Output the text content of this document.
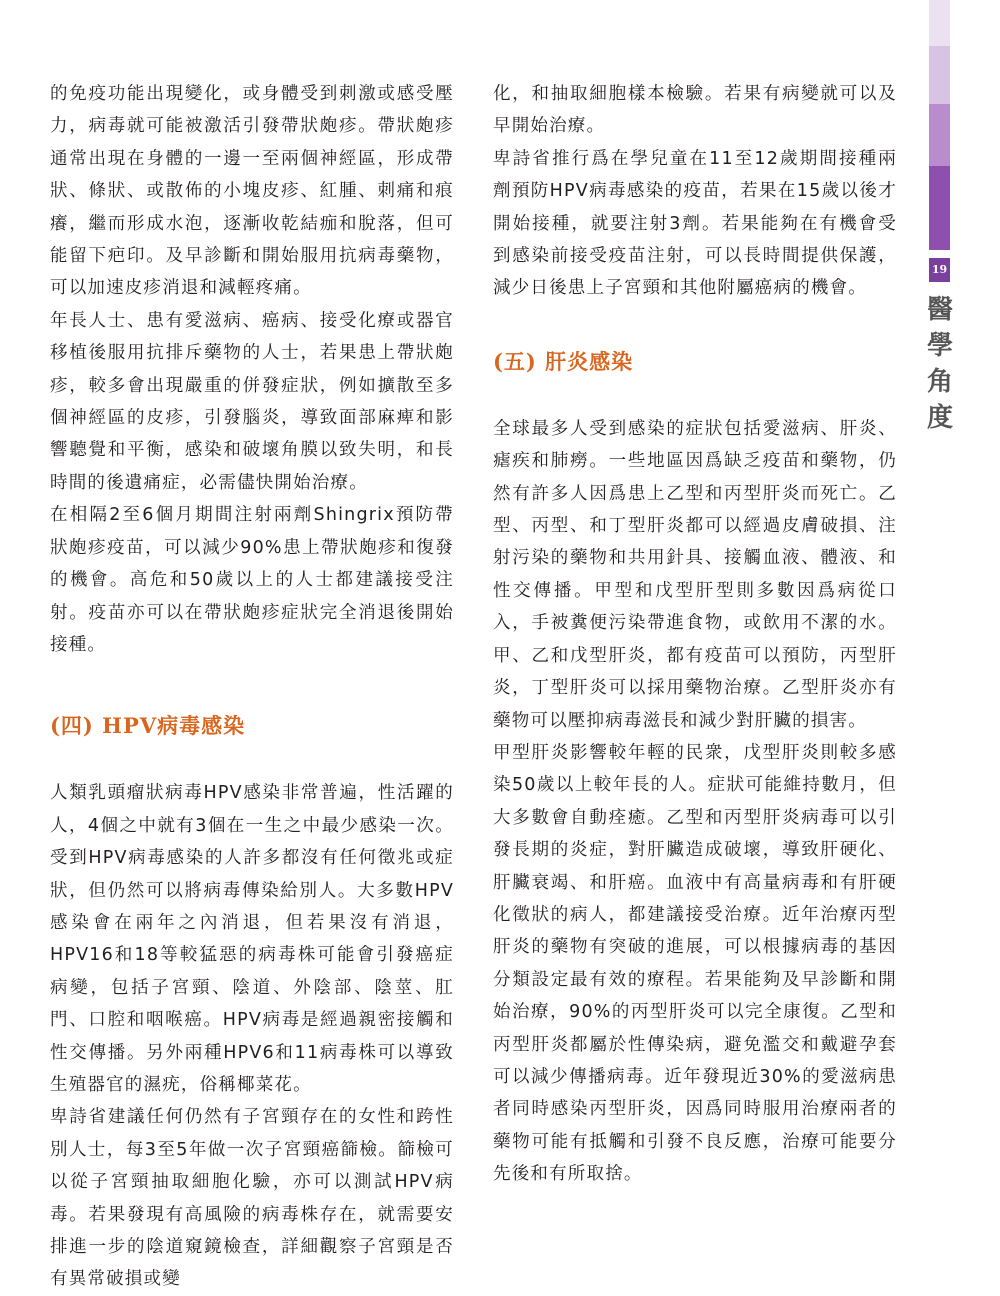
19
醫學角度

的免疫功能出現變化，或身體受到刺激或感受壓力，病毒就可能被激活引發帶狀皰疹。帶狀皰疹通常出現在身體的一邊一至兩個神經區，形成帶狀、條狀、或散佈的小塊皮疹、紅腫、刺痛和痕癢，繼而形成水泡，逐漸收乾結痂和脫落，但可能留下疤印。及早診斷和開始服用抗病毒藥物，可以加速皮疹消退和減輕疼痛。

年長人士、患有愛滋病、癌病、接受化療或器官移植後服用抗排斥藥物的人士，若果患上帶狀皰疹，較多會出現嚴重的併發症狀，例如擴散至多個神經區的皮疹，引發腦炎，導致面部麻痺和影響聽覺和平衡，感染和破壞角膜以致失明，和長時間的後遺痛症，必需儘快開始治療。

在相隔2至6個月期間注射兩劑Shingrix預防帶狀皰疹疫苗，可以減少90%患上帶狀皰疹和復發的機會。高危和50歲以上的人士都建議接受注射。疫苗亦可以在帶狀皰疹症狀完全消退後開始接種。

(四) HPV病毒感染

人類乳頭瘤狀病毒HPV感染非常普遍，性活躍的人，4個之中就有3個在一生之中最少感染一次。受到HPV病毒感染的人許多都沒有任何徵兆或症狀，但仍然可以將病毒傳染給別人。大多數HPV感染會在兩年之內消退，但若果沒有消退，HPV16和18等較猛惡的病毒株可能會引發癌症病變，包括子宮頸、陰道、外陰部、陰莖、肛門、口腔和咽喉癌。HPV病毒是經過親密接觸和性交傳播。另外兩種HPV6和11病毒株可以導致生殖器官的濕疣，俗稱椰菜花。

卑詩省建議任何仍然有子宮頸存在的女性和跨性別人士，每3至5年做一次子宮頸癌篩檢。篩檢可以從子宮頸抽取細胞化驗，亦可以測試HPV病毒。若果發現有高風險的病毒株存在，就需要安排進一步的陰道窺鏡檢查，詳細觀察子宮頸是否有異常破損或變

化，和抽取細胞樣本檢驗。若果有病變就可以及早開始治療。

卑詩省推行爲在學兒童在11至12歲期間接種兩劑預防HPV病毒感染的疫苗，若果在15歲以後才開始接種，就要注射3劑。若果能夠在有機會受到感染前接受疫苗注射，可以長時間提供保護，減少日後患上子宮頸和其他附屬癌病的機會。

(五) 肝炎感染

全球最多人受到感染的症狀包括愛滋病、肝炎、瘧疾和肺癆。一些地區因爲缺乏疫苗和藥物，仍然有許多人因爲患上乙型和丙型肝炎而死亡。乙型、丙型、和丁型肝炎都可以經過皮膚破損、注射污染的藥物和共用針具、接觸血液、體液、和性交傳播。甲型和戊型肝型則多數因爲病從口入，手被糞便污染帶進食物，或飲用不潔的水。甲、乙和戊型肝炎，都有疫苗可以預防，丙型肝炎，丁型肝炎可以採用藥物治療。乙型肝炎亦有藥物可以壓抑病毒滋長和減少對肝臟的損害。

甲型肝炎影響較年輕的民衆，戊型肝炎則較多感染50歲以上較年長的人。症狀可能維持數月，但大多數會自動痊癒。乙型和丙型肝炎病毒可以引發長期的炎症，對肝臟造成破壞，導致肝硬化、肝臟衰竭、和肝癌。血液中有高量病毒和有肝硬化徵狀的病人，都建議接受治療。近年治療丙型肝炎的藥物有突破的進展，可以根據病毒的基因分類設定最有效的療程。若果能夠及早診斷和開始治療，90%的丙型肝炎可以完全康復。乙型和丙型肝炎都屬於性傳染病，避免濫交和戴避孕套可以減少傳播病毒。近年發現近30%的愛滋病患者同時感染丙型肝炎，因爲同時服用治療兩者的藥物可能有抵觸和引發不良反應，治療可能要分先後和有所取捨。
